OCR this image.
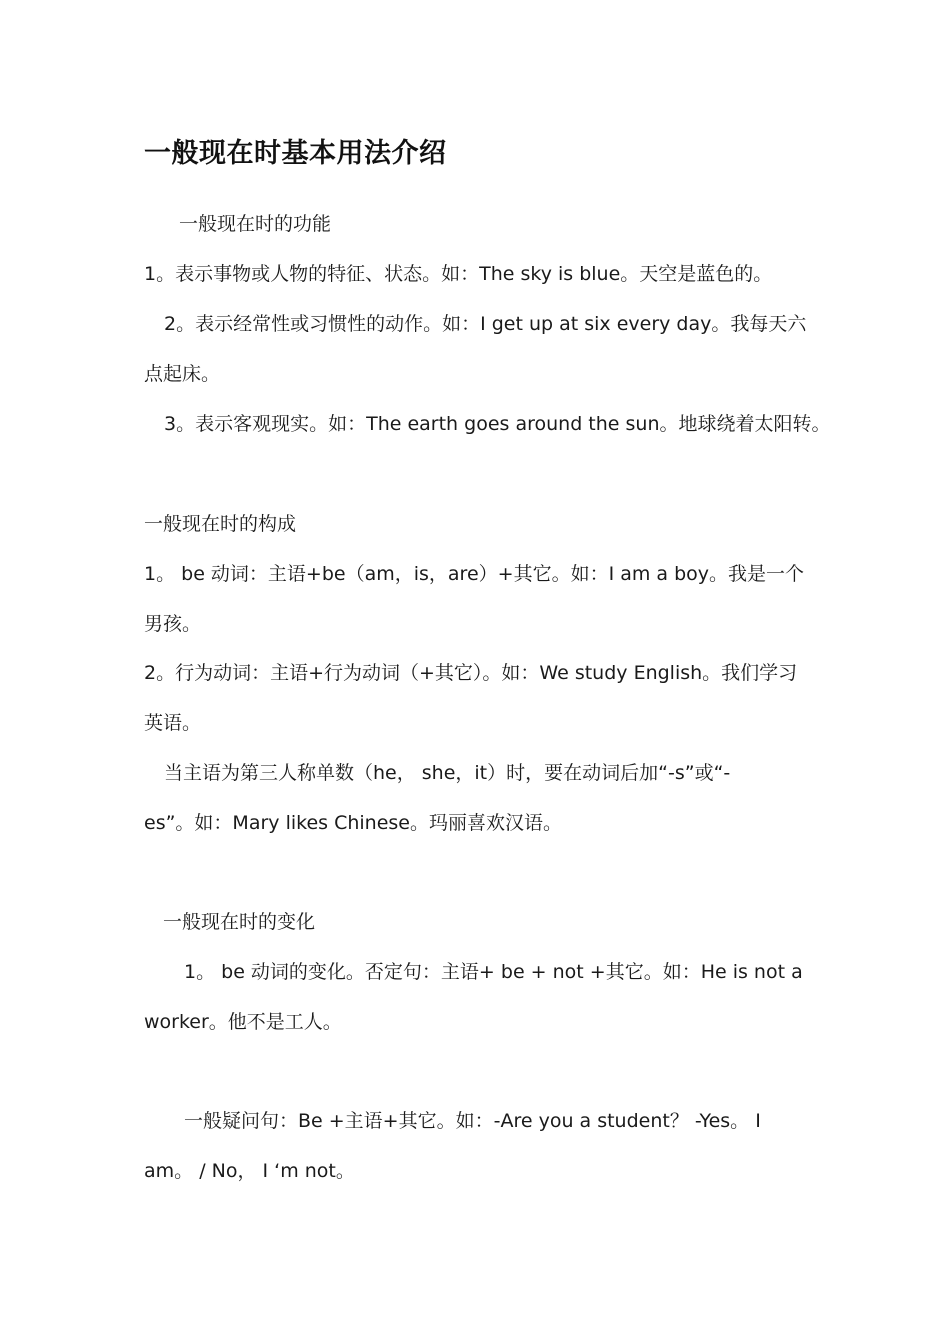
一般现在时基本用法介绍
一般现在时的功能
1。表示事物或人物的特征、状态。如：The sky is blue。天空是蓝色的。
2。表示经常性或习惯性的动作。如：I get up at six every day。我每天六
点起床。
3。表示客观现实。如：The earth goes around the sun。地球绕着太阳转。
一般现在时的构成
1。 be 动词：主语+be（am，is，are）+其它。如：I am a boy。我是一个
男孩。
2。行为动词：主语+行为动词（+其它）。如：We study English。我们学习
英语。
当主语为第三人称单数（he， she，it）时，要在动词后加“-s”或“-
es”。如：Mary likes Chinese。玛丽喜欢汉语。
一般现在时的变化
1。 be 动词的变化。否定句：主语+ be + not +其它。如：He is not a
worker。他不是工人。
一般疑问句：Be +主语+其它。如：-Are you a student？ -Yes。 I
am。 / No， I ‘m not。
